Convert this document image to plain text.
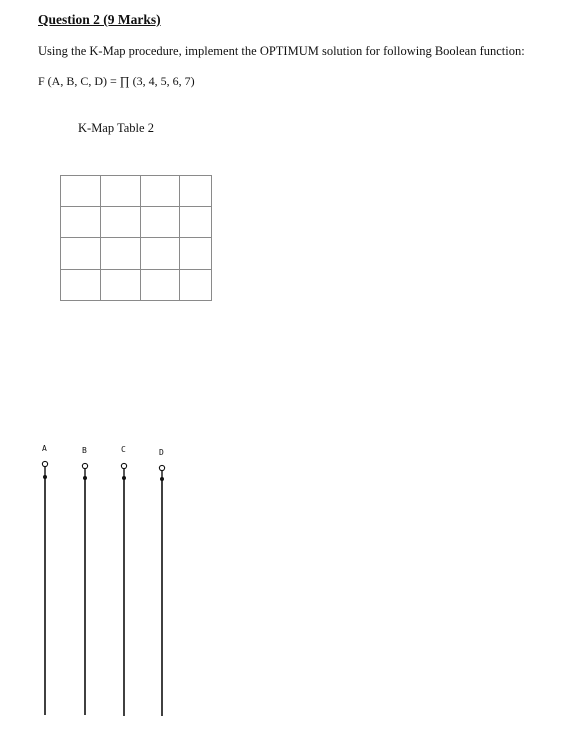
Question 2 (9 Marks)
Using the K-Map procedure, implement the OPTIMUM solution for following Boolean function:
F (A, B, C, D) = ∏ (3, 4, 5, 6, 7)
K-Map Table 2
A	B	C	D
